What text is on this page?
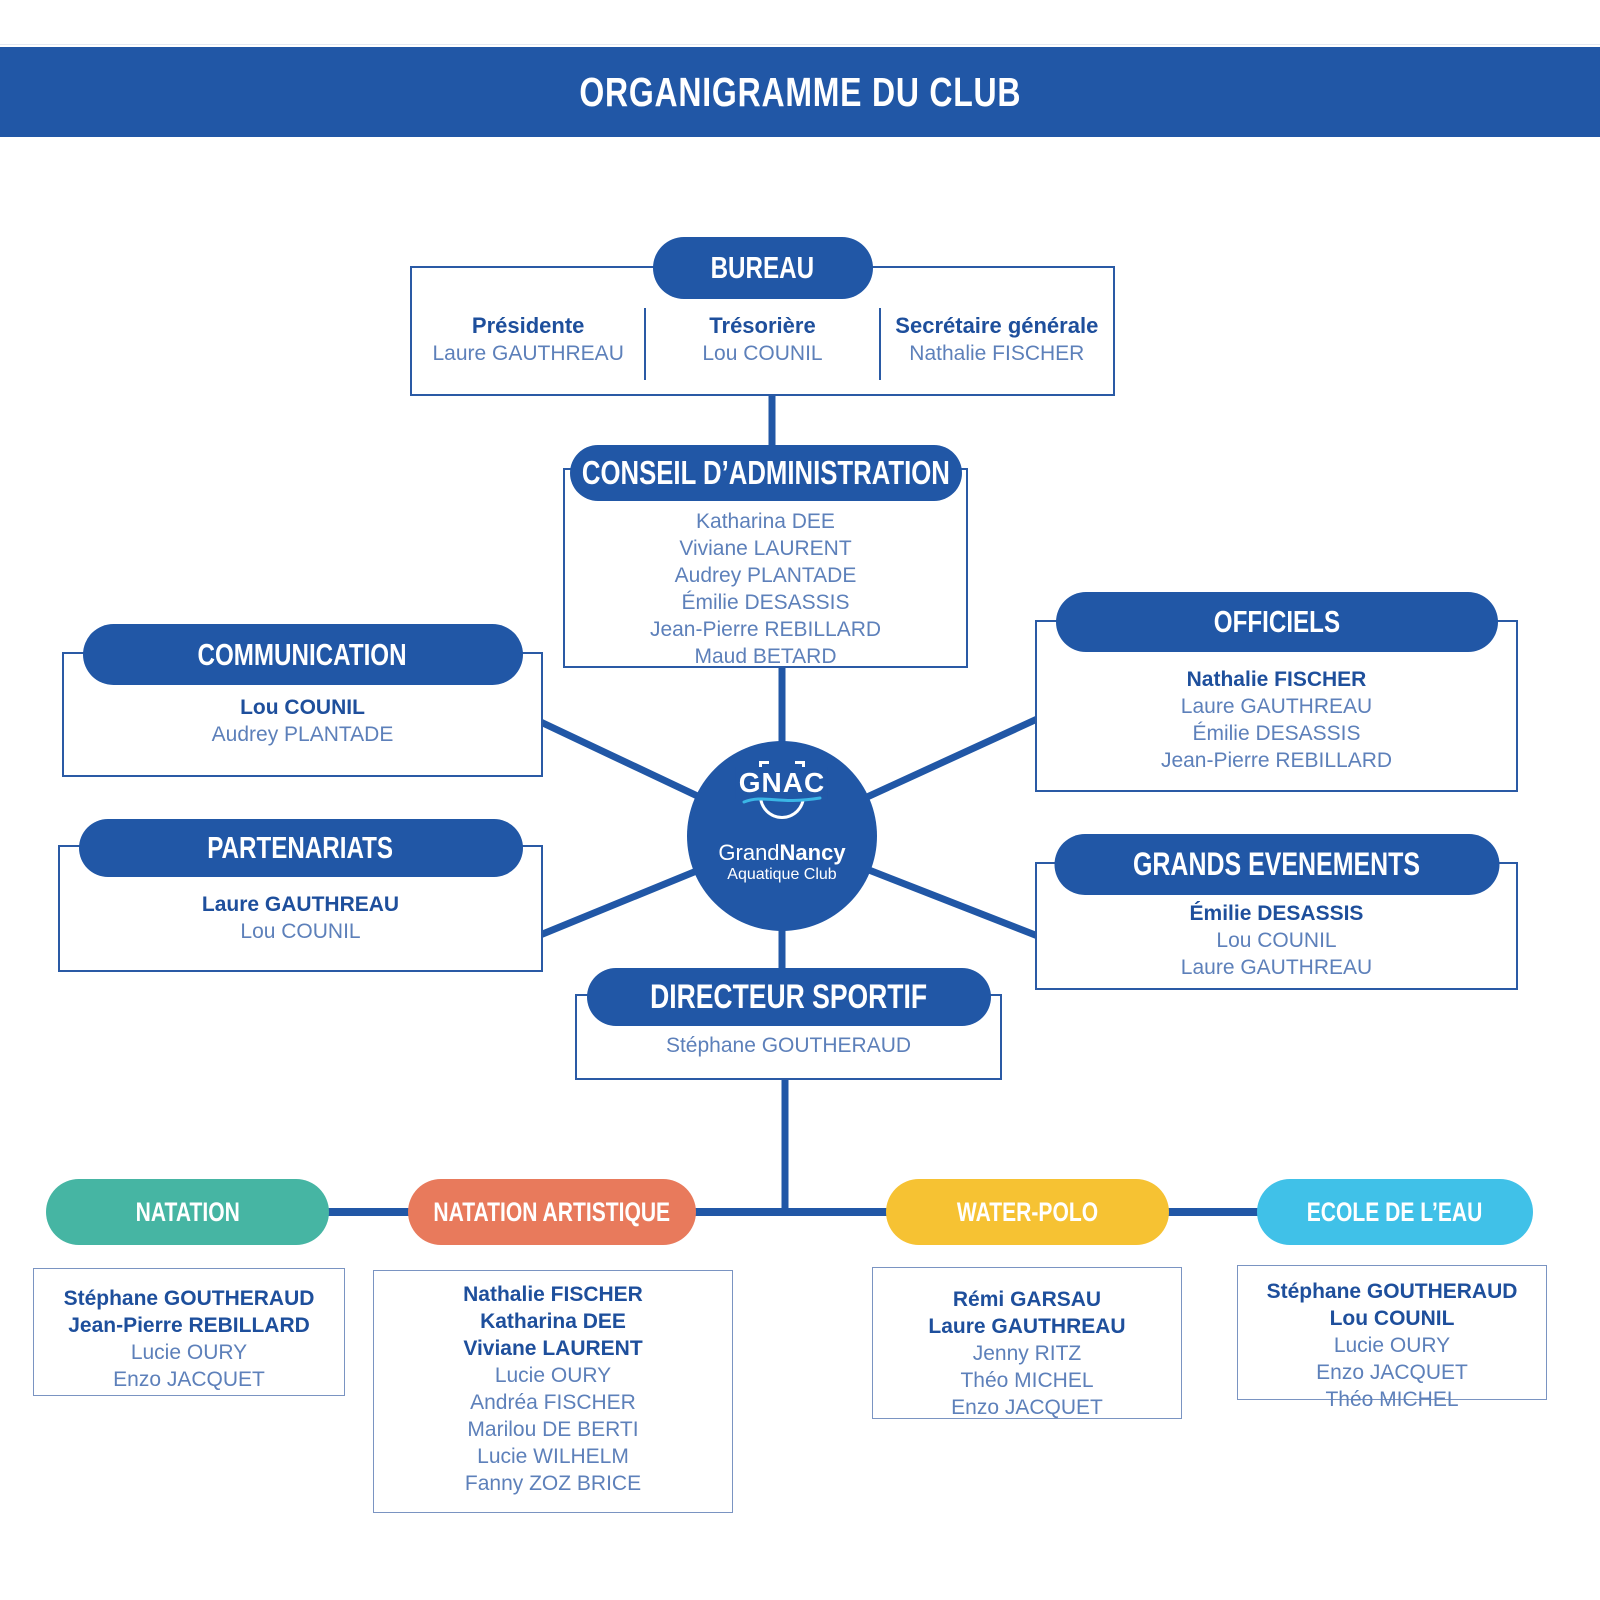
ORGANIGRAMME DU CLUB
BUREAU
Présidente
Laure GAUTHREAU
Trésorière
Lou COUNIL
Secrétaire générale
Nathalie FISCHER
CONSEIL D’ADMINISTRATION
Katharina DEE
Viviane LAURENT
Audrey PLANTADE
Émilie DESASSIS
Jean-Pierre REBILLARD
Maud BETARD
COMMUNICATION
Lou COUNIL
Audrey PLANTADE
OFFICIELS
Nathalie FISCHER
Laure GAUTHREAU
Émilie DESASSIS
Jean-Pierre REBILLARD
PARTENARIATS
Laure GAUTHREAU
Lou COUNIL
GRANDS EVENEMENTS
Émilie DESASSIS
Lou COUNIL
Laure GAUTHREAU
GNAC
GrandNancy
Aquatique Club
DIRECTEUR SPORTIF
Stéphane GOUTHERAUD
NATATION	NATATION ARTISTIQUE	WATER-POLO	ECOLE DE L’EAU
Stéphane GOUTHERAUD
Jean-Pierre REBILLARD
Lucie OURY
Enzo JACQUET
Nathalie FISCHER
Katharina DEE
Viviane LAURENT
Lucie OURY
Andréa FISCHER
Marilou DE BERTI
Lucie WILHELM
Fanny ZOZ BRICE
Rémi GARSAU
Laure GAUTHREAU
Jenny RITZ
Théo MICHEL
Enzo JACQUET
Stéphane GOUTHERAUD
Lou COUNIL
Lucie OURY
Enzo JACQUET
Théo MICHEL
